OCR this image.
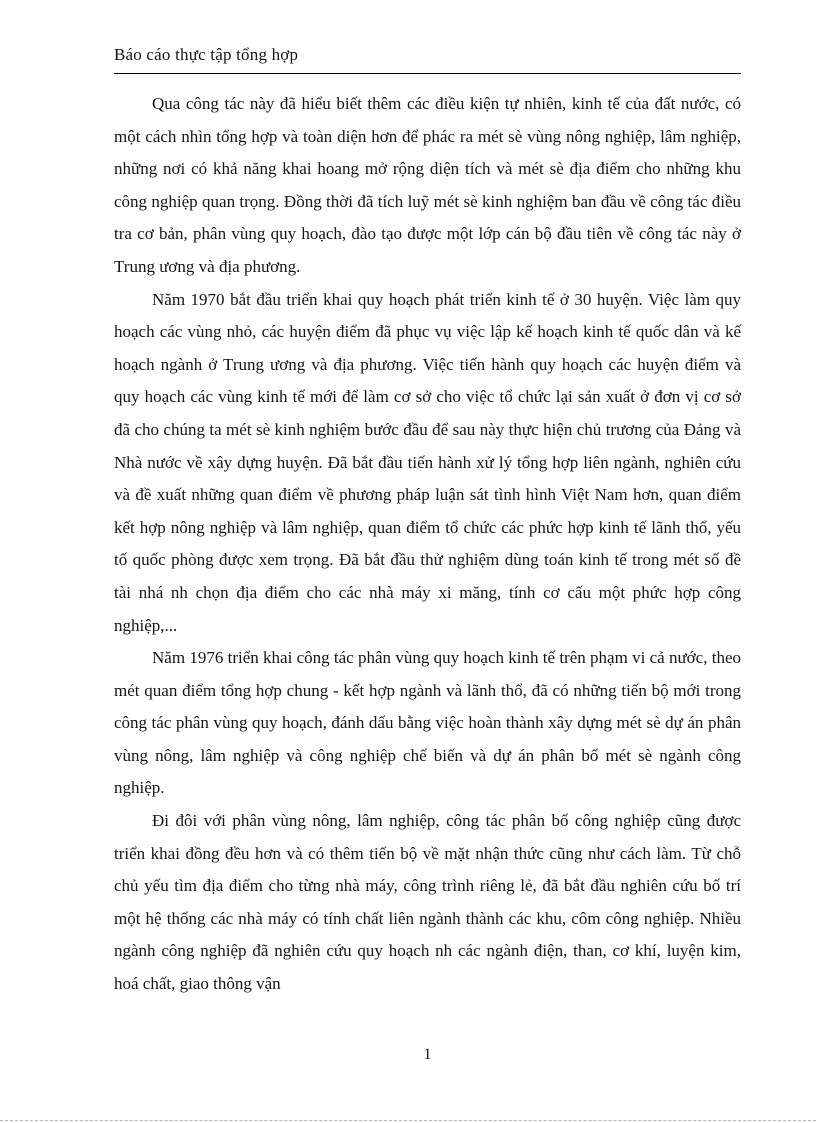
Báo cáo thực tập tổng hợp

Qua công tác này đã hiểu biết thêm các điều kiện tự nhiên, kinh tế của đất nước, có một cách nhìn tổng hợp và toàn diện hơn để phác ra mét sè vùng nông nghiệp, lâm nghiệp, những nơi có khả năng khai hoang mở rộng diện tích và mét sè địa điểm cho những khu công nghiệp quan trọng. Đồng thời đã tích luỹ mét sè kinh nghiệm ban đầu về công tác điều tra cơ bản, phân vùng quy hoạch, đào tạo được một lớp cán bộ đầu tiên về công tác này ở Trung ương và địa phương.

Năm 1970 bắt đầu triển khai quy hoạch phát triển kinh tế ở 30 huyện. Việc làm quy hoạch các vùng nhỏ, các huyện điểm đã phục vụ việc lập kế hoạch kinh tế quốc dân và kế hoạch ngành ở Trung ương và địa phương. Việc tiến hành quy hoạch các huyện điểm và quy hoạch các vùng kinh tế mới để làm cơ sở cho việc tổ chức lại sản xuất ở đơn vị cơ sở đã cho chúng ta mét sè kinh nghiệm bước đầu để sau này thực hiện chủ trương của Đảng và Nhà nước về xây dựng huyện. Đã bắt đầu tiến hành xử lý tổng hợp liên ngành, nghiên cứu và đề xuất những quan điểm về phương pháp luận sát tình hình Việt Nam hơn, quan điểm kết hợp nông nghiệp và lâm nghiệp, quan điểm tổ chức các phức hợp kinh tế lãnh thổ, yếu tố quốc phòng được xem trọng. Đã bắt đầu thử nghiệm dùng toán kinh tế trong mét số đề tài nhá nh chọn địa điểm cho các nhà máy xi măng, tính cơ cấu một phức hợp công nghiệp,...

Năm 1976 triển khai công tác phân vùng quy hoạch kinh tế trên phạm vi cả nước, theo mét quan điểm tổng hợp chung - kết hợp ngành và lãnh thổ, đã có những tiến bộ mới trong công tác phân vùng quy hoạch, đánh dấu bằng việc hoàn thành xây dựng mét sè dự án phân vùng nông, lâm nghiệp và công nghiệp chế biến và dự án phân bố mét sè ngành công nghiệp.

Đi đôi với phân vùng nông, lâm nghiệp, công tác phân bố công nghiệp cũng được triển khai đồng đều hơn và có thêm tiến bộ về mặt nhận thức cũng như cách làm. Từ chỗ chủ yếu tìm địa điểm cho từng nhà máy, công trình riêng lẻ, đã bắt đầu nghiên cứu bố trí một hệ thống các nhà máy có tính chất liên ngành thành các khu, côm công nghiệp. Nhiều ngành công nghiệp đã nghiên cứu quy hoạch nh các ngành điện, than, cơ khí, luyện kim, hoá chất, giao thông vận

1
